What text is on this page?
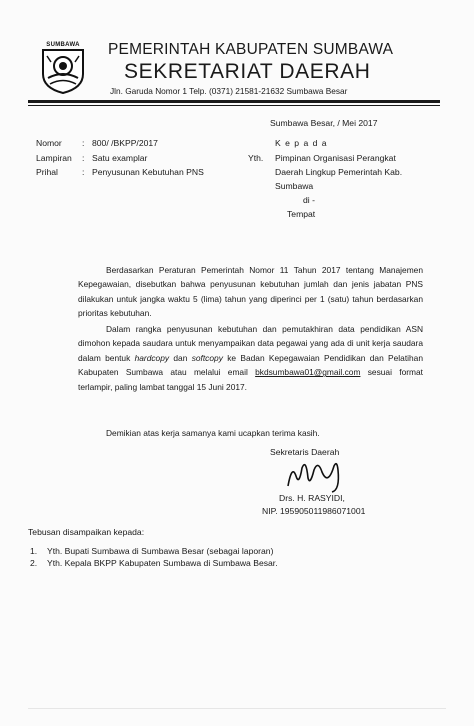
SUMBAWA	PEMERINTAH KABUPATEN SUMBAWA
SEKRETARIAT DAERAH
Jln. Garuda Nomor 1 Telp. (0371) 21581-21632 Sumbawa Besar
Sumbawa Besar, / Mei 2017
Nomor : 800/ /BKPP/2017
Lampiran : Satu examplar
Prihal	: Penyusunan Kebutuhan PNS
K e p a d a
Yth. Pimpinan Organisasi Perangkat
Daerah Lingkup Pemerintah Kab.
Sumbawa
di -
Tempat
Berdasarkan Peraturan Pemerintah Nomor 11 Tahun 2017 tentang Manajemen Kepegawaian, disebutkan bahwa penyusunan kebutuhan jumlah dan jenis jabatan PNS dilakukan untuk jangka waktu 5 (lima) tahun yang diperinci per 1 (satu) tahun berdasarkan prioritas kebutuhan.
Dalam rangka penyusunan kebutuhan dan pemutakhiran data pendidikan ASN dimohon kepada saudara untuk menyampaikan data pegawai yang ada di unit kerja saudara dalam bentuk hardcopy dan softcopy ke Badan Kepegawaian Pendidikan dan Pelatihan Kabupaten Sumbawa atau melalui email bkdsumbawa01@gmail.com sesuai format terlampir, paling lambat tanggal 15 Juni 2017.
Demikian atas kerja samanya kami ucapkan terima kasih.
Sekretaris Daerah
Drs. H. RASYIDI,
NIP. 195905011986071001
Tebusan disampaikan kepada:
1. Yth. Bupati Sumbawa di Sumbawa Besar (sebagai laporan)
2. Yth. Kepala BKPP Kabupaten Sumbawa di Sumbawa Besar.
